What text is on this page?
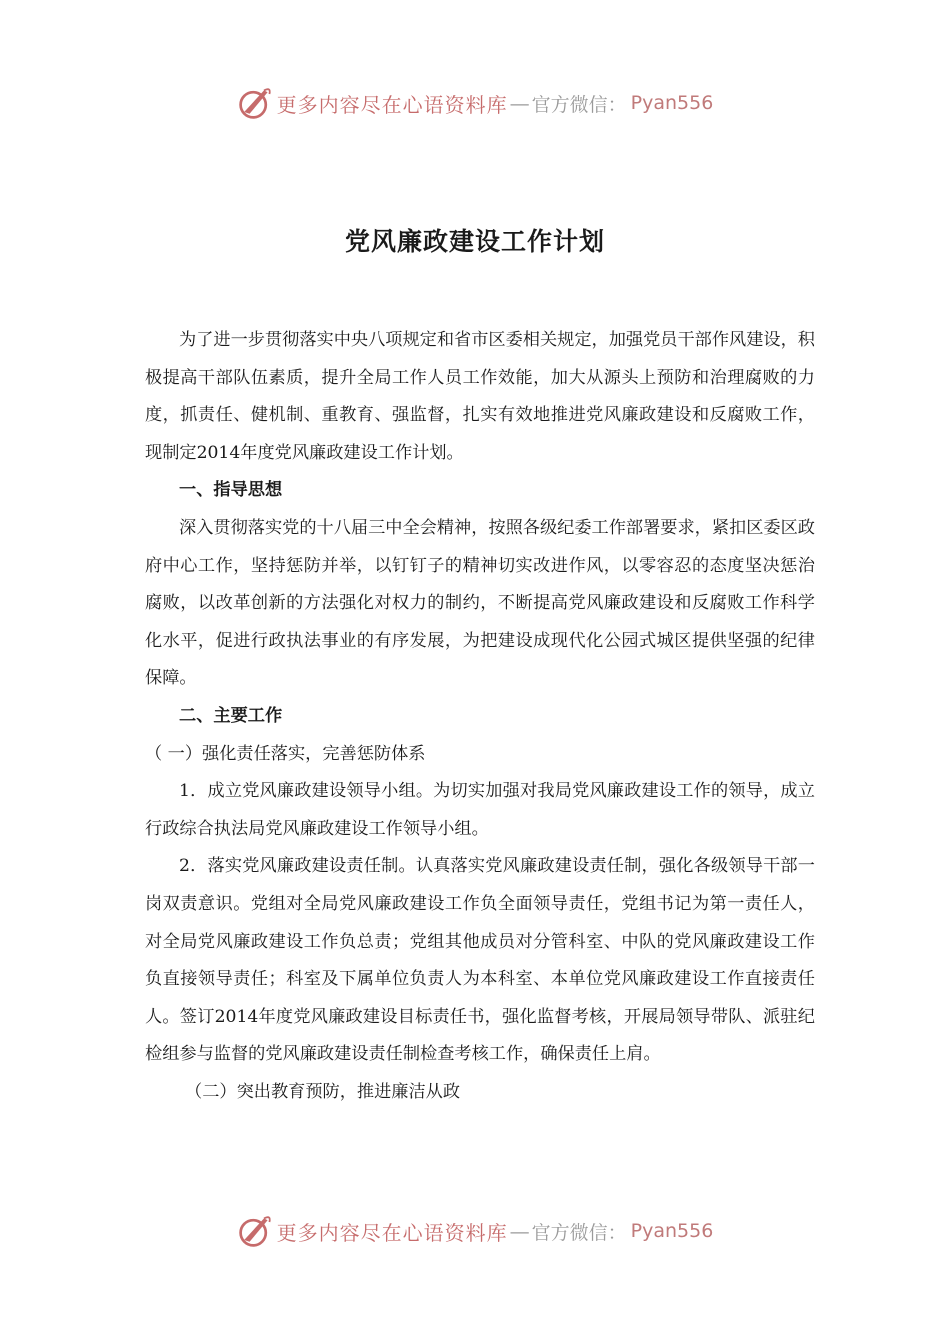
更多内容尽在心语资料库 — 官方微信： Pyan556
党风廉政建设工作计划

为了进一步贯彻落实中央八项规定和省市区委相关规定，加强党员干部作风建设，积极提高干部队伍素质，提升全局工作人员工作效能，加大从源头上预防和治理腐败的力度，抓责任、健机制、重教育、强监督，扎实有效地推进党风廉政建设和反腐败工作，现制定2014年度党风廉政建设工作计划。

一、指导思想

深入贯彻落实党的十八届三中全会精神，按照各级纪委工作部署要求，紧扣区委区政府中心工作，坚持惩防并举，以钉钉子的精神切实改进作风，以零容忍的态度坚决惩治腐败，以改革创新的方法强化对权力的制约，不断提高党风廉政建设和反腐败工作科学化水平，促进行政执法事业的有序发展，为把建设成现代化公园式城区提供坚强的纪律保障。

二、主要工作

（ 一）强化责任落实，完善惩防体系

1．成立党风廉政建设领导小组。为切实加强对我局党风廉政建设工作的领导，成立行政综合执法局党风廉政建设工作领导小组。

2．落实党风廉政建设责任制。认真落实党风廉政建设责任制，强化各级领导干部一岗双责意识。党组对全局党风廉政建设工作负全面领导责任，党组书记为第一责任人，对全局党风廉政建设工作负总责；党组其他成员对分管科室、中队的党风廉政建设工作负直接领导责任；科室及下属单位负责人为本科室、本单位党风廉政建设工作直接责任人。签订2014年度党风廉政建设目标责任书，强化监督考核，开展局领导带队、派驻纪检组参与监督的党风廉政建设责任制检查考核工作，确保责任上肩。

（二）突出教育预防，推进廉洁从政

更多内容尽在心语资料库 — 官方微信： Pyan556
